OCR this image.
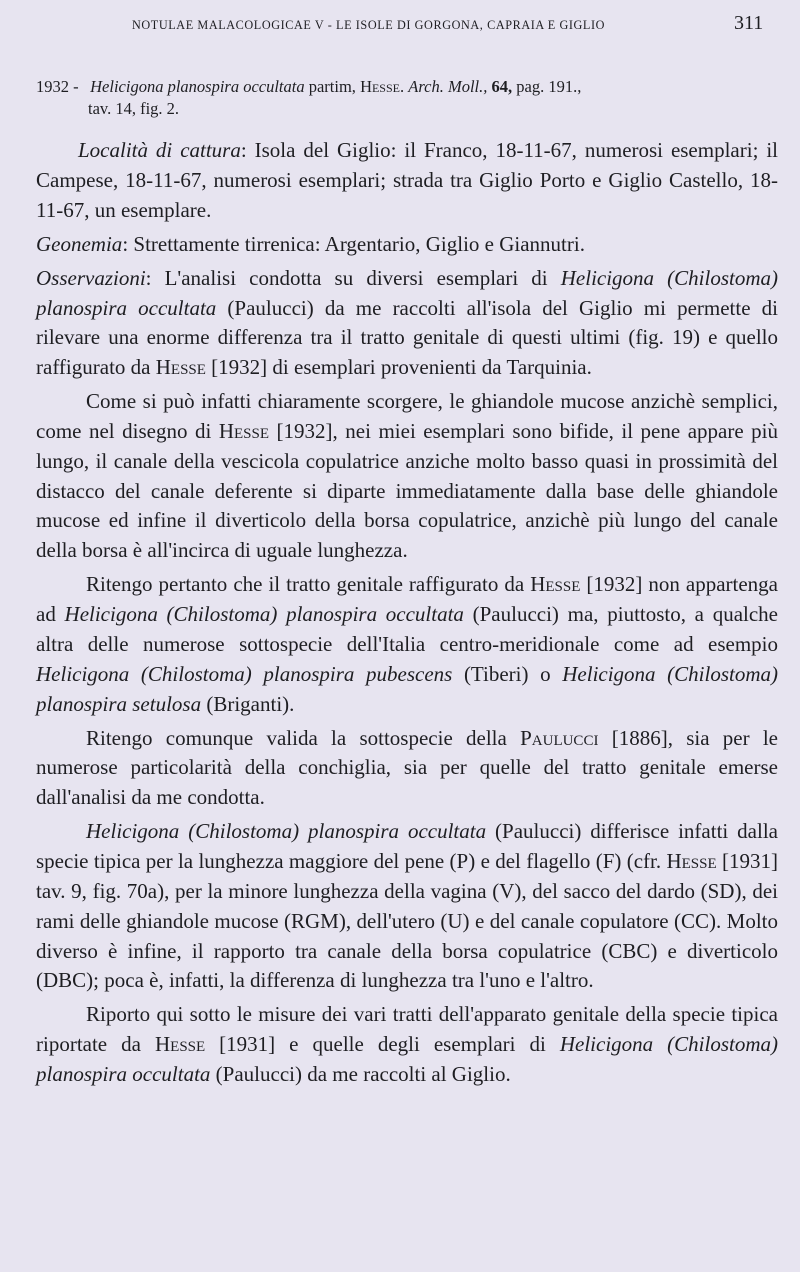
NOTULAE MALACOLOGICAE V - LE ISOLE DI GORGONA, CAPRAIA E GIGLIO	311
1932 - Helicigona planospira occultata partim, Hesse. Arch. Moll., 64, pag. 191.,
tav. 14, fig. 2.

Località di cattura: Isola del Giglio: il Franco, 18-11-67, numerosi esemplari; il Campese, 18-11-67, numerosi esemplari; strada tra Giglio Porto e Giglio Castello, 18-11-67, un esemplare.

Geonemia: Strettamente tirrenica: Argentario, Giglio e Giannutri.

Osservazioni: L'analisi condotta su diversi esemplari di Helicigona (Chilostoma) planospira occultata (Paulucci) da me raccolti all'isola del Giglio mi permette di rilevare una enorme differenza tra il tratto genitale di questi ultimi (fig. 19) e quello raffigurato da Hesse [1932] di esemplari provenienti da Tarquinia.

Come si può infatti chiaramente scorgere, le ghiandole mucose anzichè semplici, come nel disegno di Hesse [1932], nei miei esemplari sono bifide, il pene appare più lungo, il canale della vescicola copulatrice anziche molto basso quasi in prossimità del distacco del canale deferente si diparte immediatamente dalla base delle ghiandole mucose ed infine il diverticolo della borsa copulatrice, anzichè più lungo del canale della borsa è all'incirca di uguale lunghezza.

Ritengo pertanto che il tratto genitale raffigurato da Hesse [1932] non appartenga ad Helicigona (Chilostoma) planospira occultata (Paulucci) ma, piuttosto, a qualche altra delle numerose sottospecie dell'Italia centro-meridionale come ad esempio Helicigona (Chilostoma) planospira pubescens (Tiberi) o Helicigona (Chilostoma) planospira setulosa (Briganti).

Ritengo comunque valida la sottospecie della Paulucci [1886], sia per le numerose particolarità della conchiglia, sia per quelle del tratto genitale emerse dall'analisi da me condotta.

Helicigona (Chilostoma) planospira occultata (Paulucci) differisce infatti dalla specie tipica per la lunghezza maggiore del pene (P) e del flagello (F) (cfr. Hesse [1931] tav. 9, fig. 70a), per la minore lunghezza della vagina (V), del sacco del dardo (SD), dei rami delle ghiandole mucose (RGM), dell'utero (U) e del canale copulatore (CC). Molto diverso è infine, il rapporto tra canale della borsa copulatrice (CBC) e diverticolo (DBC); poca è, infatti, la differenza di lunghezza tra l'uno e l'altro.

Riporto qui sotto le misure dei vari tratti dell'apparato genitale della specie tipica riportate da Hesse [1931] e quelle degli esemplari di Helicigona (Chilostoma) planospira occultata (Paulucci) da me raccolti al Giglio.
